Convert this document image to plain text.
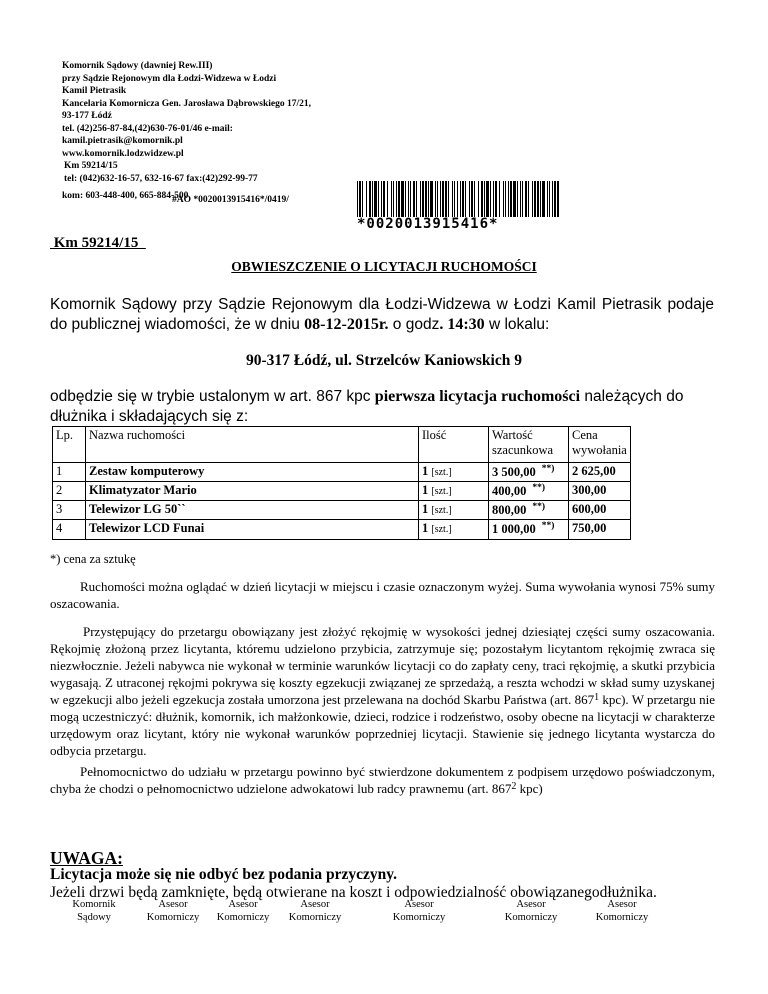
Komornik Sądowy (dawniej Rew.III)
przy Sądzie Rejonowym dla Łodzi-Widzewa w Łodzi
Kamil Pietrasik
Kancelaria Komornicza Gen. Jarosława Dąbrowskiego 17/21,
93-177 Łódź
tel. (42)256-87-84,(42)630-76-01/46 e-mail:
kamil.pietrasik@komornik.pl
www.komornik.lodzwidzew.pl
Km 59214/15
tel: (042)632-16-57, 632-16-67 fax:(42)292-99-77
kom: 603-448-400, 665-884-500
#AO *0020013915416*/0419/
*0020013915416*
Km 59214/15
OBWIESZCZENIE O LICYTACJI RUCHOMOŚCI
Komornik Sądowy przy Sądzie Rejonowym dla Łodzi-Widzewa w Łodzi Kamil Pietrasik podaje do publicznej wiadomości, że w dniu 08-12-2015r. o godz. 14:30 w lokalu:
90-317 Łódź, ul. Strzelców Kaniowskich 9
odbędzie się w trybie ustalonym w art. 867 kpc pierwsza licytacja ruchomości należących do dłużnika i składających się z:
Lp.	Nazwa ruchomości	Ilość	Wartość szacunkowa	Cena wywołania
1	Zestaw komputerowy	1 [szt.]	3 500,00 **)	2 625,00
2	Klimatyzator Mario	1 [szt.]	400,00 **)	300,00
3	Telewizor LG 50``	1 [szt.]	800,00 **)	600,00
4	Telewizor LCD Funai	1 [szt.]	1 000,00 **)	750,00
*) cena za sztukę
Ruchomości można oglądać w dzień licytacji w miejscu i czasie oznaczonym wyżej. Suma wywołania wynosi 75% sumy oszacowania.
Przystępujący do przetargu obowiązany jest złożyć rękojmię w wysokości jednej dziesiątej części sumy oszacowania. Rękojmię złożoną przez licytanta, któremu udzielono przybicia, zatrzymuje się; pozostałym licytantom rękojmię zwraca się niezwłocznie. Jeżeli nabywca nie wykonał w terminie warunków licytacji co do zapłaty ceny, traci rękojmię, a skutki przybicia wygasają. Z utraconej rękojmi pokrywa się koszty egzekucji związanej ze sprzedażą, a reszta wchodzi w skład sumy uzyskanej w egzekucji albo jeżeli egzekucja została umorzona jest przelewana na dochód Skarbu Państwa (art. $867^1$ kpc). W przetargu nie mogą uczestniczyć: dłużnik, komornik, ich małżonkowie, dzieci, rodzice i rodzeństwo, osoby obecne na licytacji w charakterze urzędowym oraz licytant, który nie wykonał warunków poprzedniej licytacji. Stawienie się jednego licytanta wystarcza do odbycia przetargu.
Pełnomocnictwo do udziału w przetargu powinno być stwierdzone dokumentem z podpisem urzędowo poświadczonym, chyba że chodzi o pełnomocnictwo udzielone adwokatowi lub radcy prawnemu (art. $867^2$ kpc)
UWAGA:
Licytacja może się nie odbyć bez podania przyczyny.
Jeżeli drzwi będą zamknięte, będą otwierane na koszt i odpowiedzialność obowiązanegodłużnika.
Komornik
Sądowy
Asesor
Komorniczy
Asesor
Komorniczy
Asesor
Komorniczy
Asesor
Komorniczy
Asesor
Komorniczy
Asesor
Komorniczy
